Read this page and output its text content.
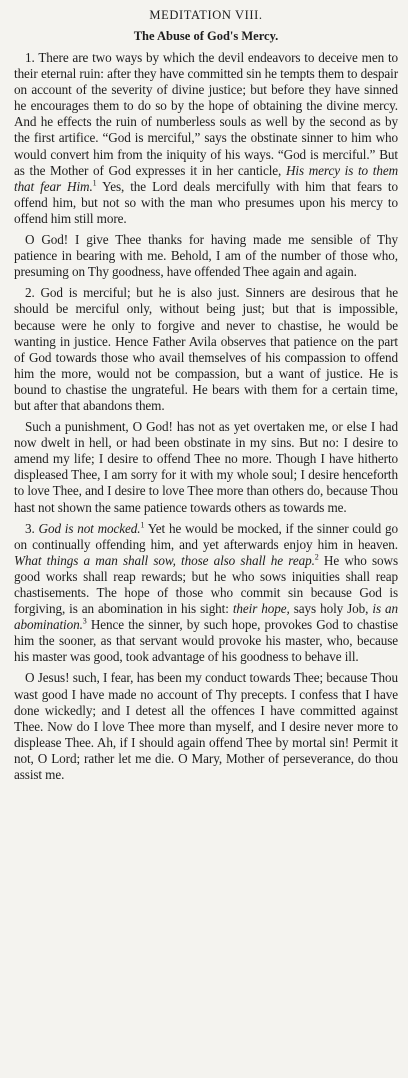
MEDITATION VIII.
The Abuse of God's Mercy.

1. There are two ways by which the devil endeavors to deceive men to their eternal ruin: after they have committed sin he tempts them to despair on account of the severity of divine justice; but before they have sinned he encourages them to do so by the hope of obtaining the divine mercy. And he effects the ruin of numberless souls as well by the second as by the first artifice. “God is merciful,” says the obstinate sinner to him who would convert him from the iniquity of his ways. “God is merciful.” But as the Mother of God expresses it in her canticle, His mercy is to them that fear Him.$^1$ Yes, the Lord deals mercifully with him that fears to offend him, but not so with the man who presumes upon his mercy to offend him still more.

O God! I give Thee thanks for having made me sensible of Thy patience in bearing with me. Behold, I am of the number of those who, presuming on Thy goodness, have offended Thee again and again.

2. God is merciful; but he is also just. Sinners are desirous that he should be merciful only, without being just; but that is impossible, because were he only to forgive and never to chastise, he would be wanting in justice. Hence Father Avila observes that patience on the part of God towards those who avail themselves of his compassion to offend him the more, would not be compassion, but a want of justice. He is bound to chastise the ungrateful. He bears with them for a certain time, but after that abandons them.

Such a punishment, O God! has not as yet overtaken me, or else I had now dwelt in hell, or had been obstinate in my sins. But no: I desire to amend my life; I desire to offend Thee no more. Though I have hitherto displeased Thee, I am sorry for it with my whole soul; I desire henceforth to love Thee, and I desire to love Thee more than others do, because Thou hast not shown the same patience towards others as towards me.

3. God is not mocked.$^1$ Yet he would be mocked, if the sinner could go on continually offending him, and yet afterwards enjoy him in heaven. What things a man shall sow, those also shall he reap.$^2$ He who sows good works shall reap rewards; but he who sows iniquities shall reap chastisements. The hope of those who commit sin because God is forgiving, is an abomination in his sight: their hope, says holy Job, is an abomination.$^3$ Hence the sinner, by such hope, provokes God to chastise him the sooner, as that servant would provoke his master, who, because his master was good, took advantage of his goodness to behave ill.

O Jesus! such, I fear, has been my conduct towards Thee; because Thou wast good I have made no account of Thy precepts. I confess that I have done wickedly; and I detest all the offences I have committed against Thee. Now do I love Thee more than myself, and I desire never more to displease Thee. Ah, if I should again offend Thee by mortal sin! Permit it not, O Lord; rather let me die. O Mary, Mother of perseverance, do thou assist me.
